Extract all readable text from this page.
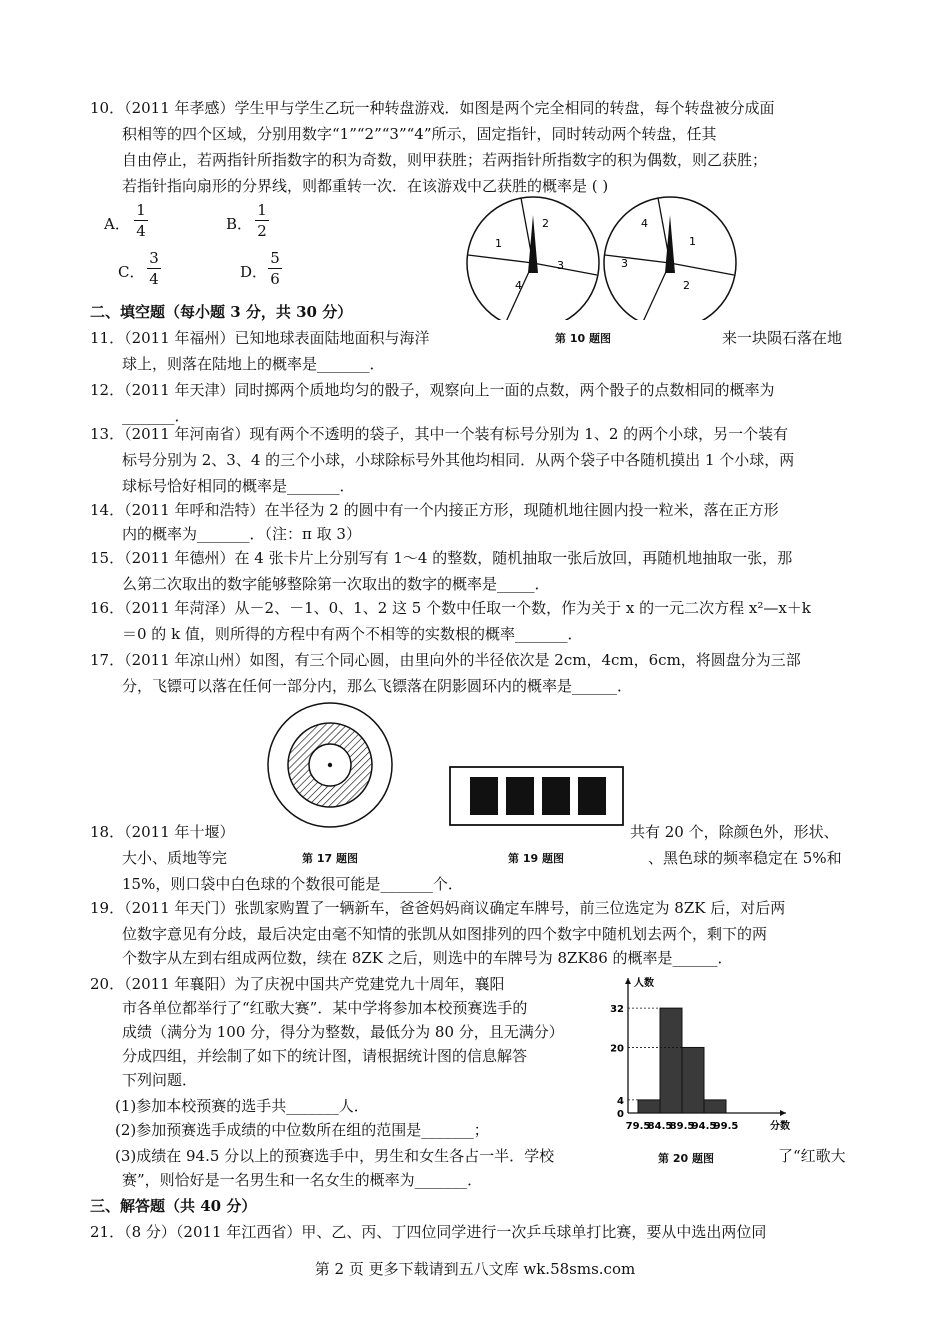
10．（2011 年孝感）学生甲与学生乙玩一种转盘游戏．如图是两个完全相同的转盘，每个转盘被分成面
积相等的四个区域，分别用数字“1”“2”“3”“4”所示，固定指针，同时转动两个转盘，任其
自由停止，若两指针所指数字的积为奇数，则甲获胜；若两指针所指数字的积为偶数，则乙获胜；
若指针指向扇形的分界线，则都重转一次．在该游戏中乙获胜的概率是 ( )
A．
1
4	B．
1
2
C．
3
4	D．
5
6
1
2
3
4
4
1
2
3
二、填空题（每小题 3 分，共 30 分）
11．（2011 年福州）已知地球表面陆地面积与海洋	第 10 题图	来一块陨石落在地
球上，则落在陆地上的概率是_______．
12．（2011 年天津）同时掷两个质地均匀的骰子，观察向上一面的点数，两个骰子的点数相同的概率为
_______．
13．（2011 年河南省）现有两个不透明的袋子，其中一个装有标号分别为 1、2 的两个小球，另一个装有
标号分别为 2、3、4 的三个小球，小球除标号外其他均相同．从两个袋子中各随机摸出 1 个小球，两
球标号恰好相同的概率是_______．
14．（2011 年呼和浩特）在半径为 2 的圆中有一个内接正方形，现随机地往圆内投一粒米，落在正方形
内的概率为_______．（注：π 取 3）
15．（2011 年德州）在 4 张卡片上分别写有 1～4 的整数，随机抽取一张后放回，再随机地抽取一张，那
么第二次取出的数字能够整除第一次取出的数字的概率是_____．
16．（2011 年菏泽）从－2、－1、0、1、2 这 5 个数中任取一个数，作为关于 x 的一元二次方程 x²—x＋k
＝0 的 k 值，则所得的方程中有两个不相等的实数根的概率_______．
17．（2011 年凉山州）如图，有三个同心圆，由里向外的半径依次是 2cm，4cm，6cm，将圆盘分为三部
分，飞镖可以落在任何一部分内，那么飞镖落在阴影圆环内的概率是______．
18．（2011 年十堰）	共有 20 个，除颜色外，形状、
大小、质地等完	第 17 题图	第 19 题图	、黑色球的频率稳定在 5%和
15%，则口袋中白色球的个数很可能是_______个．
19．（2011 年天门）张凯家购置了一辆新车，爸爸妈妈商议确定车牌号，前三位选定为 8ZK 后，对后两
位数字意见有分歧，最后决定由毫不知情的张凯从如图排列的四个数字中随机划去两个，剩下的两
个数字从左到右组成两位数，续在 8ZK 之后，则选中的车牌号为 8ZK86 的概率是______．
20．（2011 年襄阳）为了庆祝中国共产党建党九十周年，襄阳
市各单位都举行了“红歌大赛”．某中学将参加本校预赛选手的
成绩（满分为 100 分，得分为整数，最低分为 80 分，且无满分）
分成四组，并绘制了如下的统计图，请根据统计图的信息解答
下列问题．
(1)参加本校预赛的选手共_______人．
(2)参加预赛选手成绩的中位数所在组的范围是_______；
(3)成绩在 94.5 分以上的预赛选手中，男生和女生各占一半．学校	第 20 题图	了“红歌大
赛”，则恰好是一名男生和一名女生的概率为_______．
人数
分数
4
20
32
0
79.5
84.5
89.5
94.5
99.5
三、解答题（共 40 分）
21．（8 分）（2011 年江西省）甲、乙、丙、丁四位同学进行一次乒乓球单打比赛，要从中选出两位同
第 2 页 更多下载请到五八文库 wk.58sms.com
